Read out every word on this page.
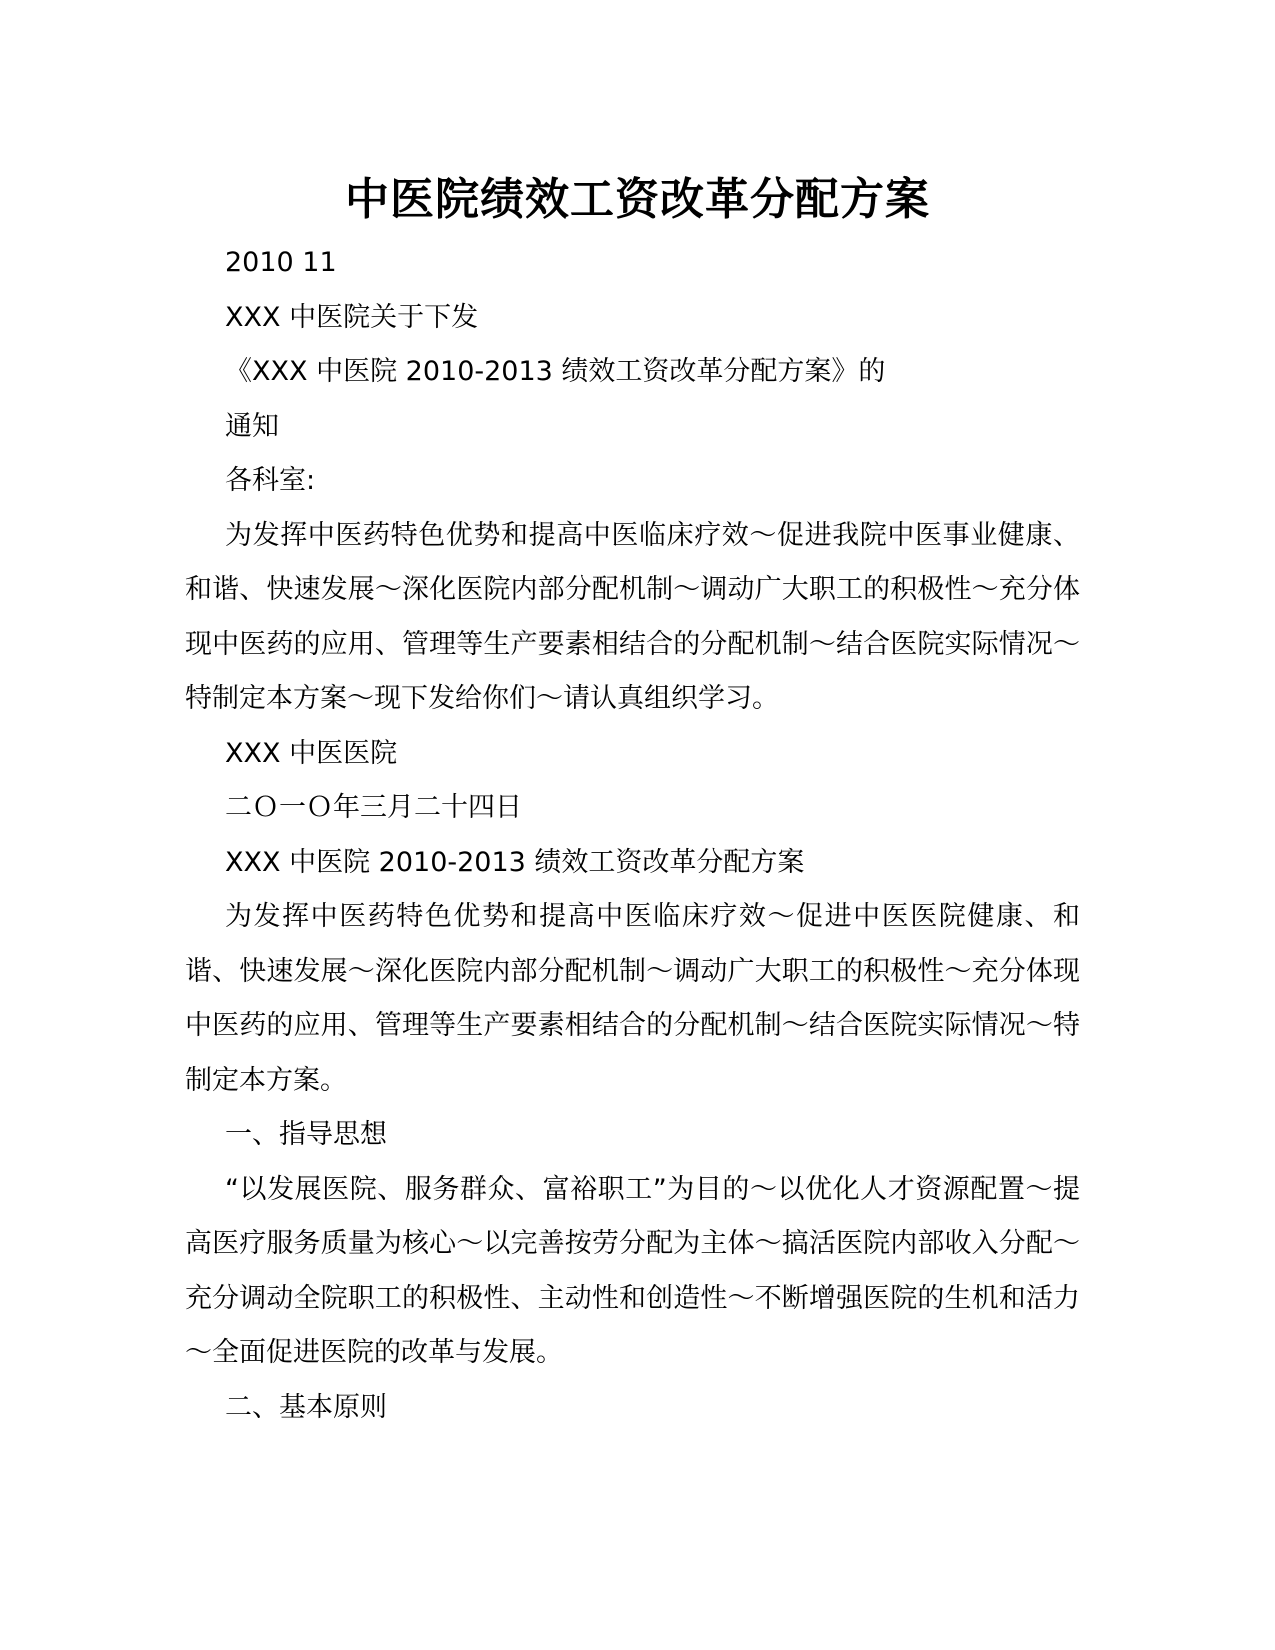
中医院绩效工资改革分配方案

2010 11

XXX 中医院关于下发

《XXX 中医院 2010-2013 绩效工资改革分配方案》的

通知

各科室:

为发挥中医药特色优势和提高中医临床疗效～促进我院中医事业健康、和谐、快速发展～深化医院内部分配机制～调动广大职工的积极性～充分体现中医药的应用、管理等生产要素相结合的分配机制～结合医院实际情况～特制定本方案～现下发给你们～请认真组织学习。

XXX 中医医院

二Ｏ一Ｏ年三月二十四日

XXX 中医院 2010-2013 绩效工资改革分配方案

为发挥中医药特色优势和提高中医临床疗效～促进中医医院健康、和谐、快速发展～深化医院内部分配机制～调动广大职工的积极性～充分体现中医药的应用、管理等生产要素相结合的分配机制～结合医院实际情况～特制定本方案。

一、指导思想

“以发展医院、服务群众、富裕职工”为目的～以优化人才资源配置～提高医疗服务质量为核心～以完善按劳分配为主体～搞活医院内部收入分配～充分调动全院职工的积极性、主动性和创造性～不断增强医院的生机和活力～全面促进医院的改革与发展。

二、基本原则
